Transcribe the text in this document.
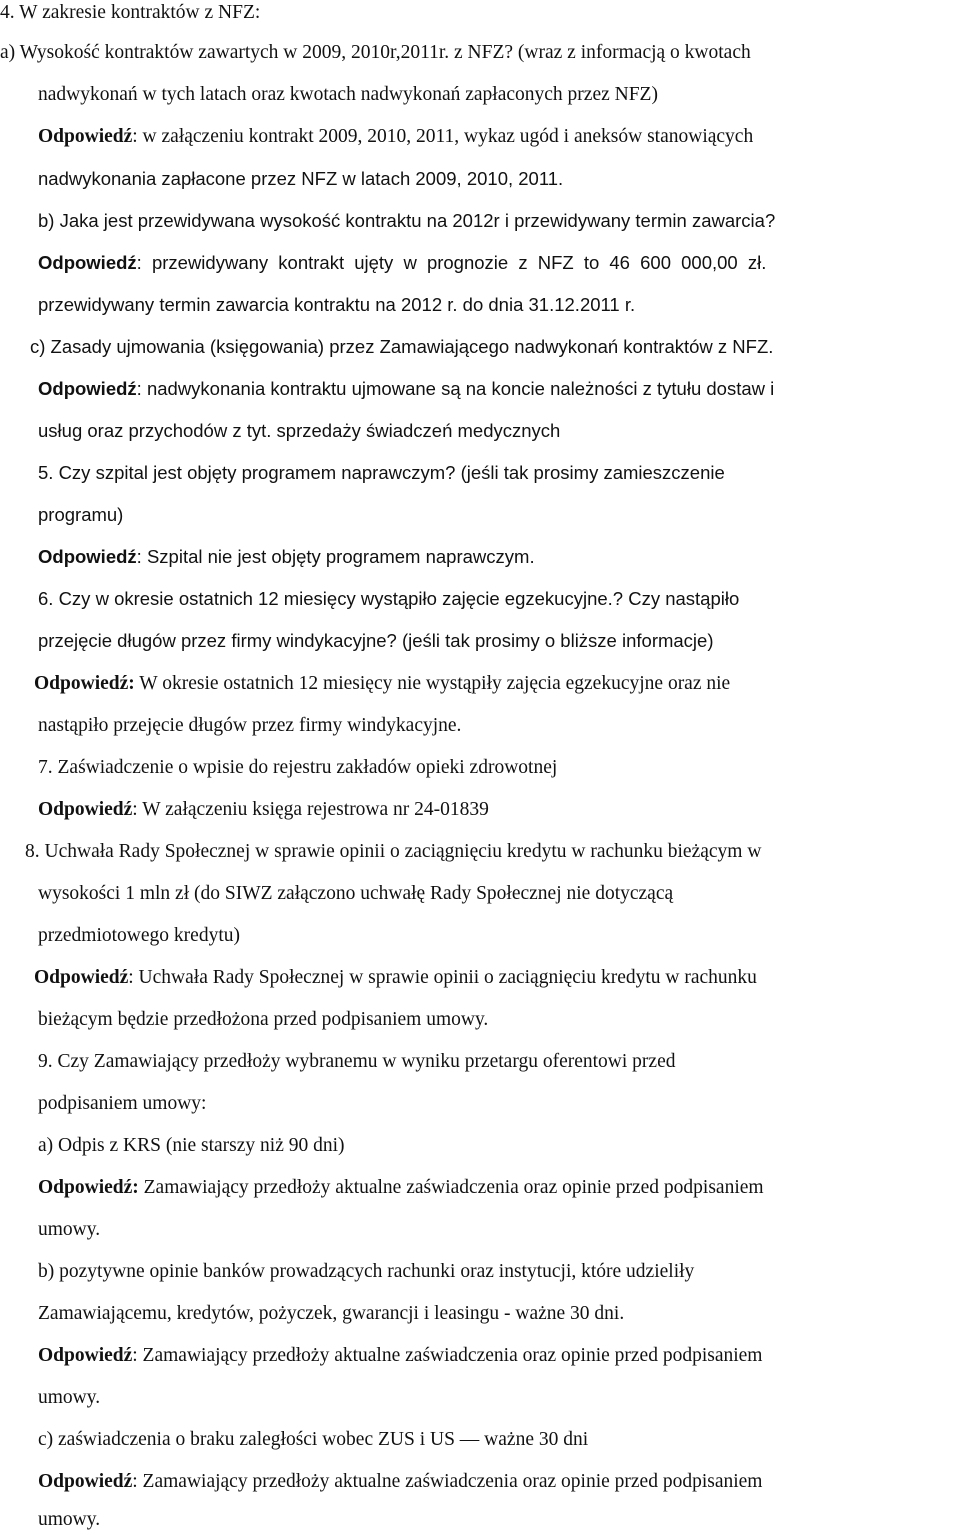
4. W zakresie kontraktów z NFZ:

a) Wysokość kontraktów zawartych w 2009, 2010r,2011r. z NFZ? (wraz z informacją o kwotach

nadwykonań w tych latach oraz kwotach nadwykonań zapłaconych przez NFZ)

Odpowiedź: w załączeniu kontrakt 2009, 2010, 2011, wykaz ugód i aneksów stanowiących

nadwykonania zapłacone przez NFZ w latach 2009, 2010, 2011.

b) Jaka jest przewidywana wysokość kontraktu na 2012r i przewidywany termin zawarcia?

Odpowiedź: przewidywany kontrakt ujęty w prognozie z NFZ to 46 600 000,00 zł.

przewidywany termin zawarcia kontraktu na 2012 r. do dnia 31.12.2011 r.

c) Zasady ujmowania (księgowania) przez Zamawiającego nadwykonań kontraktów z NFZ.

Odpowiedź: nadwykonania kontraktu ujmowane są na koncie należności z tytułu dostaw i

usług oraz przychodów z tyt. sprzedaży świadczeń medycznych

5. Czy szpital jest objęty programem naprawczym? (jeśli tak prosimy zamieszczenie

programu)

Odpowiedź: Szpital nie jest objęty programem naprawczym.

6. Czy w okresie ostatnich 12 miesięcy wystąpiło zajęcie egzekucyjne.? Czy nastąpiło

przejęcie długów przez firmy windykacyjne? (jeśli tak prosimy o bliższe informacje)

Odpowiedź: W okresie ostatnich 12 miesięcy nie wystąpiły zajęcia egzekucyjne oraz nie

nastąpiło przejęcie długów przez firmy windykacyjne.

7. Zaświadczenie o wpisie do rejestru zakładów opieki zdrowotnej

Odpowiedź: W załączeniu księga rejestrowa nr 24-01839

8. Uchwała Rady Społecznej w sprawie opinii o zaciągnięciu kredytu w rachunku bieżącym w

wysokości 1 mln zł (do SIWZ załączono uchwałę Rady Społecznej nie dotyczącą

przedmiotowego kredytu)

Odpowiedź: Uchwała Rady Społecznej w sprawie opinii o zaciągnięciu kredytu w rachunku

bieżącym będzie przedłożona przed podpisaniem umowy.

9. Czy Zamawiający przedłoży wybranemu w wyniku przetargu oferentowi przed

podpisaniem umowy:

a) Odpis z KRS (nie starszy niż 90 dni)

Odpowiedź: Zamawiający przedłoży aktualne zaświadczenia oraz opinie przed podpisaniem

umowy.

b) pozytywne opinie banków prowadzących rachunki oraz instytucji, które udzieliły

Zamawiającemu, kredytów, pożyczek, gwarancji i leasingu - ważne 30 dni.

Odpowiedź: Zamawiający przedłoży aktualne zaświadczenia oraz opinie przed podpisaniem

umowy.

c) zaświadczenia o braku zaległości wobec ZUS i US — ważne 30 dni

Odpowiedź: Zamawiający przedłoży aktualne zaświadczenia oraz opinie przed podpisaniem

umowy.
